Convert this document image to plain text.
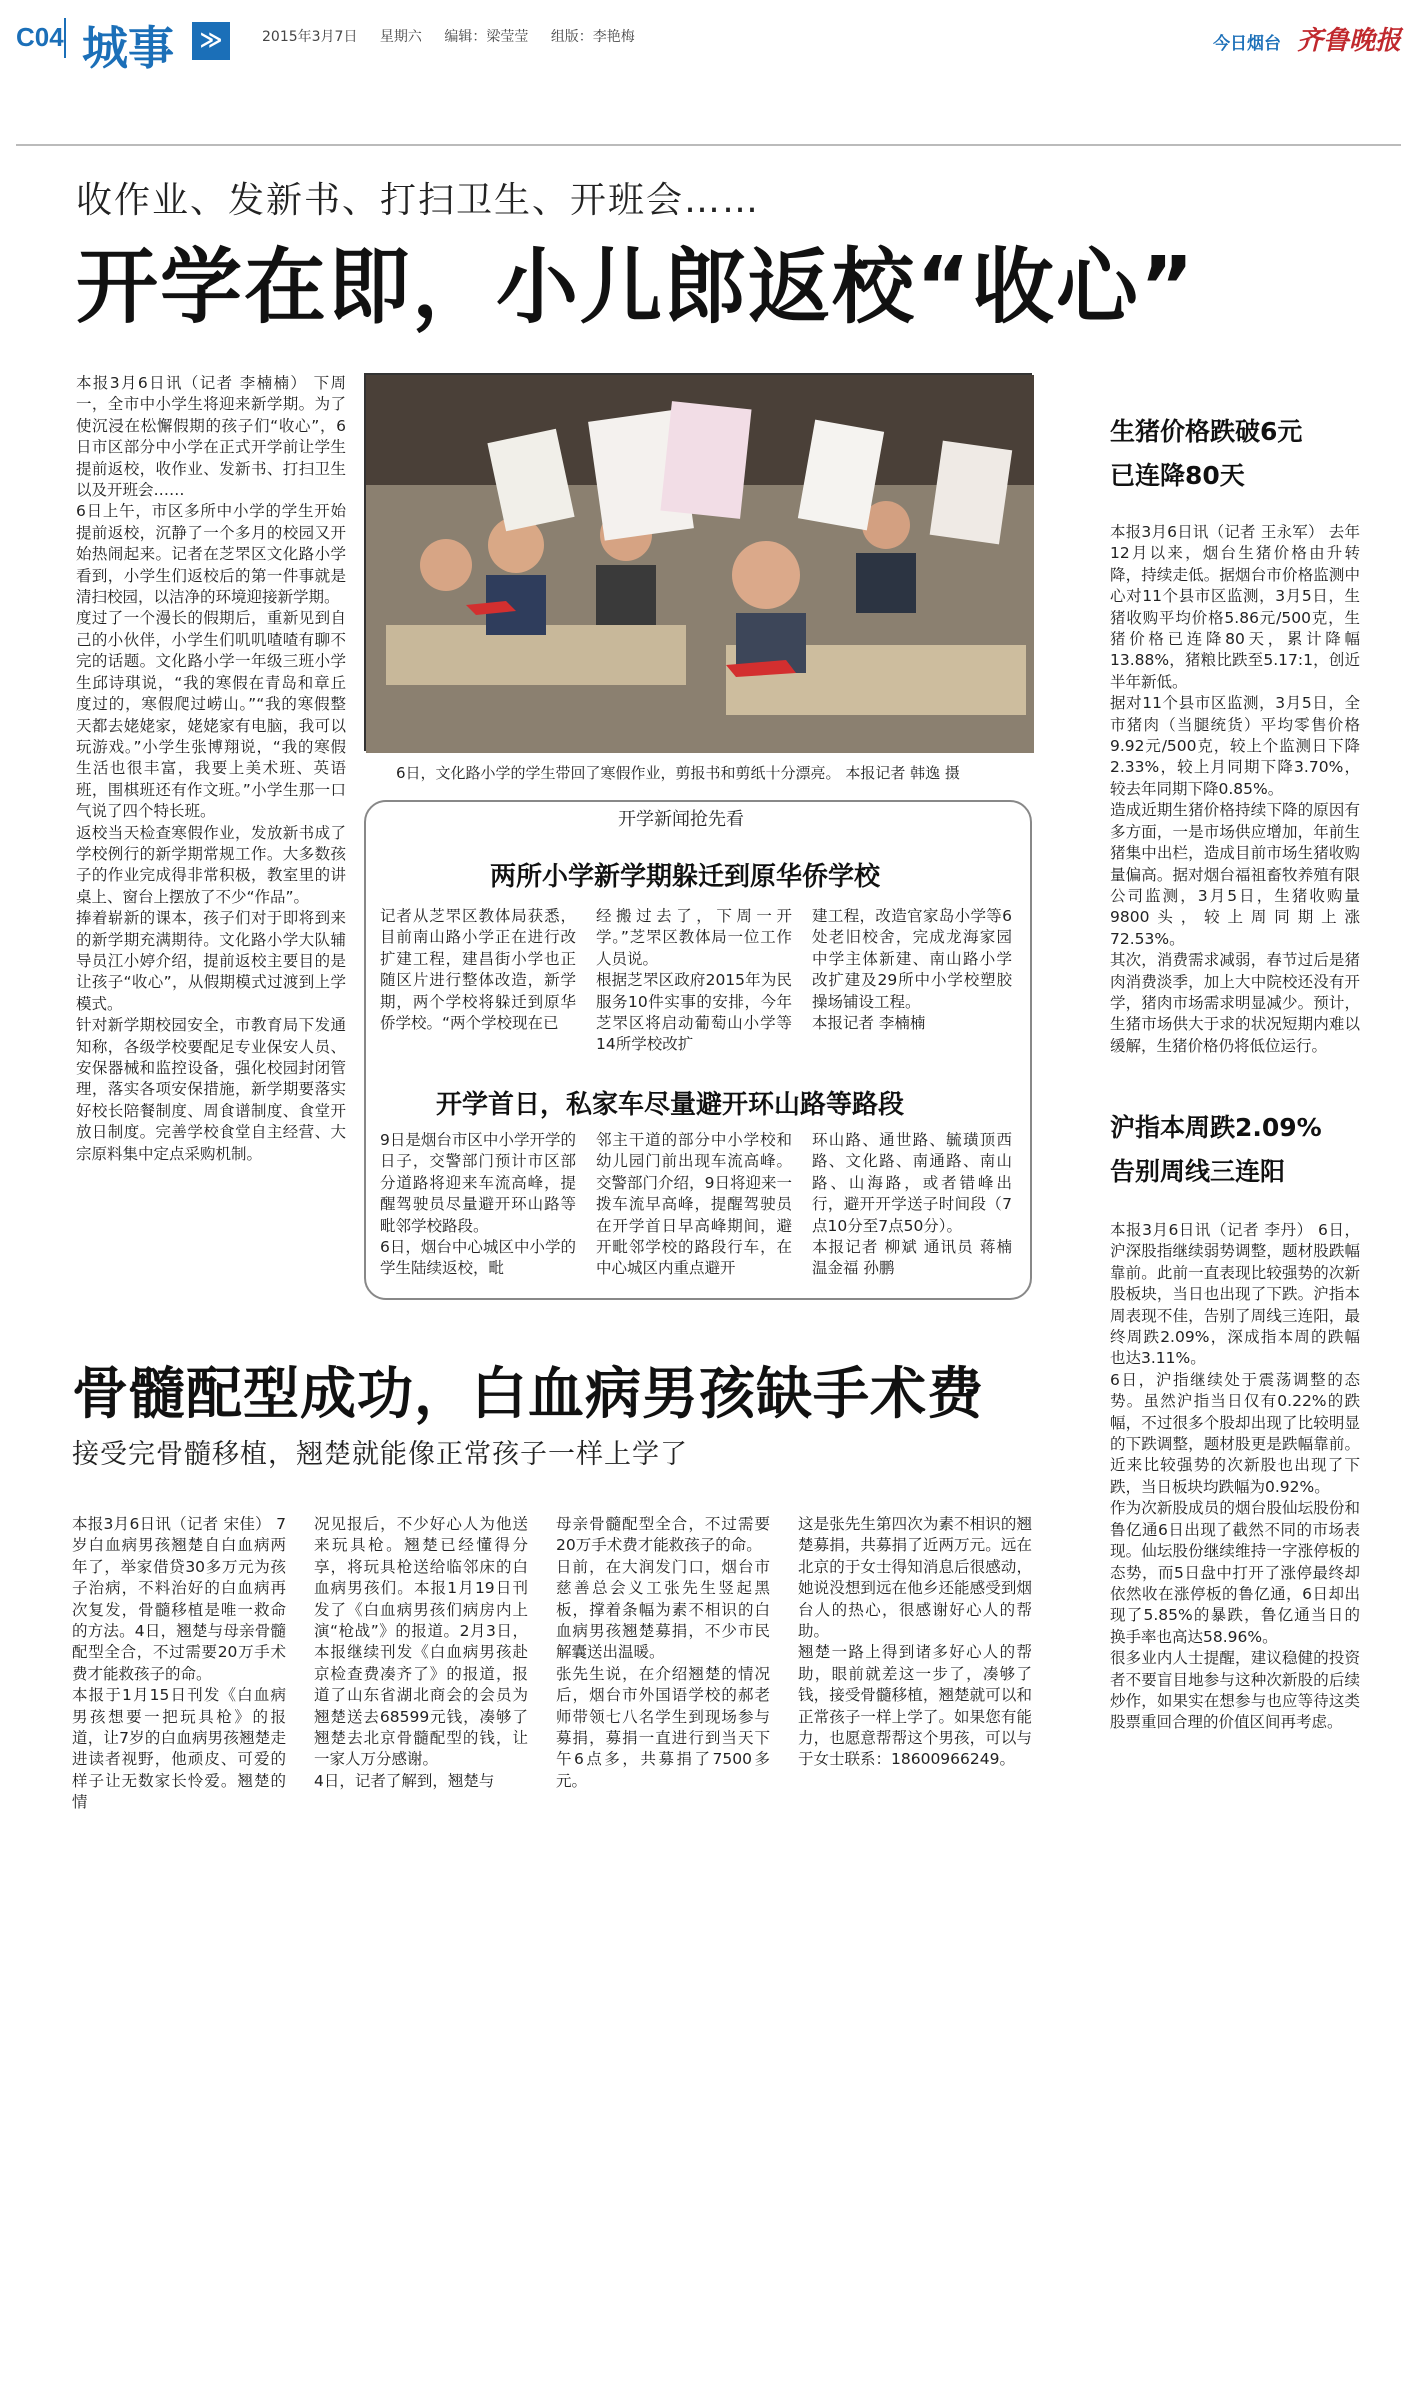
C04 城事	≫	2015年3月7日 星期六 编辑：梁莹莹 组版：李艳梅	今日烟台 齐鲁晚报
收作业、发新书、打扫卫生、开班会……
开学在即，小儿郎返校“收心”
本报3月6日讯（记者 李楠楠） 下周一，全市中小学生将迎来新学期。为了使沉浸在松懈假期的孩子们“收心”，6日市区部分中小学在正式开学前让学生提前返校，收作业、发新书、打扫卫生以及开班会……
6日上午，市区多所中小学的学生开始提前返校，沉静了一个多月的校园又开始热闹起来。记者在芝罘区文化路小学看到，小学生们返校后的第一件事就是清扫校园，以洁净的环境迎接新学期。
度过了一个漫长的假期后，重新见到自己的小伙伴，小学生们叽叽喳喳有聊不完的话题。文化路小学一年级三班小学生邱诗琪说，“我的寒假在青岛和章丘度过的，寒假爬过崂山。”“我的寒假整天都去姥姥家，姥姥家有电脑，我可以玩游戏。”小学生张博翔说，“我的寒假生活也很丰富，我要上美术班、英语班，围棋班还有作文班。”小学生那一口气说了四个特长班。
返校当天检查寒假作业，发放新书成了学校例行的新学期常规工作。大多数孩子的作业完成得非常积极，教室里的讲桌上、窗台上摆放了不少“作品”。
捧着崭新的课本，孩子们对于即将到来的新学期充满期待。文化路小学大队辅导员江小婷介绍，提前返校主要目的是让孩子“收心”，从假期模式过渡到上学模式。
针对新学期校园安全，市教育局下发通知称，各级学校要配足专业保安人员、安保器械和监控设备，强化校园封闭管理，落实各项安保措施，新学期要落实好校长陪餐制度、周食谱制度、食堂开放日制度。完善学校食堂自主经营、大宗原料集中定点采购机制。
6日，文化路小学的学生带回了寒假作业，剪报书和剪纸十分漂亮。 本报记者 韩逸 摄
开学新闻抢先看
两所小学新学期躲迁到原华侨学校
记者从芝罘区教体局获悉，目前南山路小学正在进行改扩建工程，建昌街小学也正随区片进行整体改造，新学期，两个学校将躲迁到原华侨学校。“两个学校现在已
经搬过去了，下周一开学。”芝罘区教体局一位工作人员说。
根据芝罘区政府2015年为民服务10件实事的安排，今年芝罘区将启动葡萄山小学等14所学校改扩
建工程，改造官家岛小学等6处老旧校舍，完成龙海家园中学主体新建、南山路小学改扩建及29所中小学校塑胶操场铺设工程。
本报记者 李楠楠
开学首日，私家车尽量避开环山路等路段
9日是烟台市区中小学开学的日子，交警部门预计市区部分道路将迎来车流高峰，提醒驾驶员尽量避开环山路等毗邻学校路段。
6日，烟台中心城区中小学的学生陆续返校，毗
邻主干道的部分中小学校和幼儿园门前出现车流高峰。交警部门介绍，9日将迎来一拨车流早高峰，提醒驾驶员在开学首日早高峰期间，避开毗邻学校的路段行车，在中心城区内重点避开
环山路、通世路、毓璜顶西路、文化路、南通路、南山路、山海路，或者错峰出行，避开开学送子时间段（7点10分至7点50分）。
本报记者 柳斌 通讯员 蒋楠 温金福 孙鹏
生猪价格跌破6元
已连降80天
本报3月6日讯（记者 王永军） 去年12月以来，烟台生猪价格由升转降，持续走低。据烟台市价格监测中心对11个县市区监测，3月5日，生猪收购平均价格5.86元/500克，生猪价格已连降80天，累计降幅13.88%，猪粮比跌至5.17:1，创近半年新低。
据对11个县市区监测，3月5日，全市猪肉（当腿统货）平均零售价格9.92元/500克，较上个监测日下降2.33%，较上月同期下降3.70%，较去年同期下降0.85%。
造成近期生猪价格持续下降的原因有多方面，一是市场供应增加，年前生猪集中出栏，造成目前市场生猪收购量偏高。据对烟台福祖畜牧养殖有限公司监测，3月5日，生猪收购量9800头，较上周同期上涨72.53%。
其次，消费需求减弱，春节过后是猪肉消费淡季，加上大中院校还没有开学，猪肉市场需求明显减少。预计，生猪市场供大于求的状况短期内难以缓解，生猪价格仍将低位运行。
沪指本周跌2.09%
告别周线三连阳
本报3月6日讯（记者 李丹） 6日，沪深股指继续弱势调整，题材股跌幅靠前。此前一直表现比较强势的次新股板块，当日也出现了下跌。沪指本周表现不佳，告别了周线三连阳，最终周跌2.09%，深成指本周的跌幅也达3.11%。
6日，沪指继续处于震荡调整的态势。虽然沪指当日仅有0.22%的跌幅，不过很多个股却出现了比较明显的下跌调整，题材股更是跌幅靠前。近来比较强势的次新股也出现了下跌，当日板块均跌幅为0.92%。
作为次新股成员的烟台股仙坛股份和鲁亿通6日出现了截然不同的市场表现。仙坛股份继续维持一字涨停板的态势，而5日盘中打开了涨停最终却依然收在涨停板的鲁亿通，6日却出现了5.85%的暴跌，鲁亿通当日的换手率也高达58.96%。
很多业内人士提醒，建议稳健的投资者不要盲目地参与这种次新股的后续炒作，如果实在想参与也应等待这类股票重回合理的价值区间再考虑。
骨髓配型成功，白血病男孩缺手术费
接受完骨髓移植，翘楚就能像正常孩子一样上学了
本报3月6日讯（记者 宋佳） 7岁白血病男孩翘楚自白血病两年了，举家借贷30多万元为孩子治病，不料治好的白血病再次复发，骨髓移植是唯一救命的方法。4日，翘楚与母亲骨髓配型全合，不过需要20万手术费才能救孩子的命。
本报于1月15日刊发《白血病男孩想要一把玩具枪》的报道，让7岁的白血病男孩翘楚走进读者视野，他顽皮、可爱的样子让无数家长怜爱。翘楚的情
况见报后，不少好心人为他送来玩具枪。翘楚已经懂得分享，将玩具枪送给临邻床的白血病男孩们。本报1月19日刊发了《白血病男孩们病房内上演“枪战”》的报道。2月3日，本报继续刊发《白血病男孩赴京检查费凑齐了》的报道，报道了山东省湖北商会的会员为翘楚送去68599元钱，凑够了翘楚去北京骨髓配型的钱，让一家人万分感谢。
4日，记者了解到，翘楚与
母亲骨髓配型全合，不过需要20万手术费才能救孩子的命。
日前，在大润发门口，烟台市慈善总会义工张先生竖起黑板，撑着条幅为素不相识的白血病男孩翘楚募捐，不少市民解囊送出温暖。
张先生说，在介绍翘楚的情况后，烟台市外国语学校的郝老师带领七八名学生到现场参与募捐，募捐一直进行到当天下午6点多，共募捐了7500多元。
这是张先生第四次为素不相识的翘楚募捐，共募捐了近两万元。远在北京的于女士得知消息后很感动，她说没想到远在他乡还能感受到烟台人的热心，很感谢好心人的帮助。
翘楚一路上得到诸多好心人的帮助，眼前就差这一步了，凑够了钱，接受骨髓移植，翘楚就可以和正常孩子一样上学了。如果您有能力，也愿意帮帮这个男孩，可以与于女士联系：18600966249。
